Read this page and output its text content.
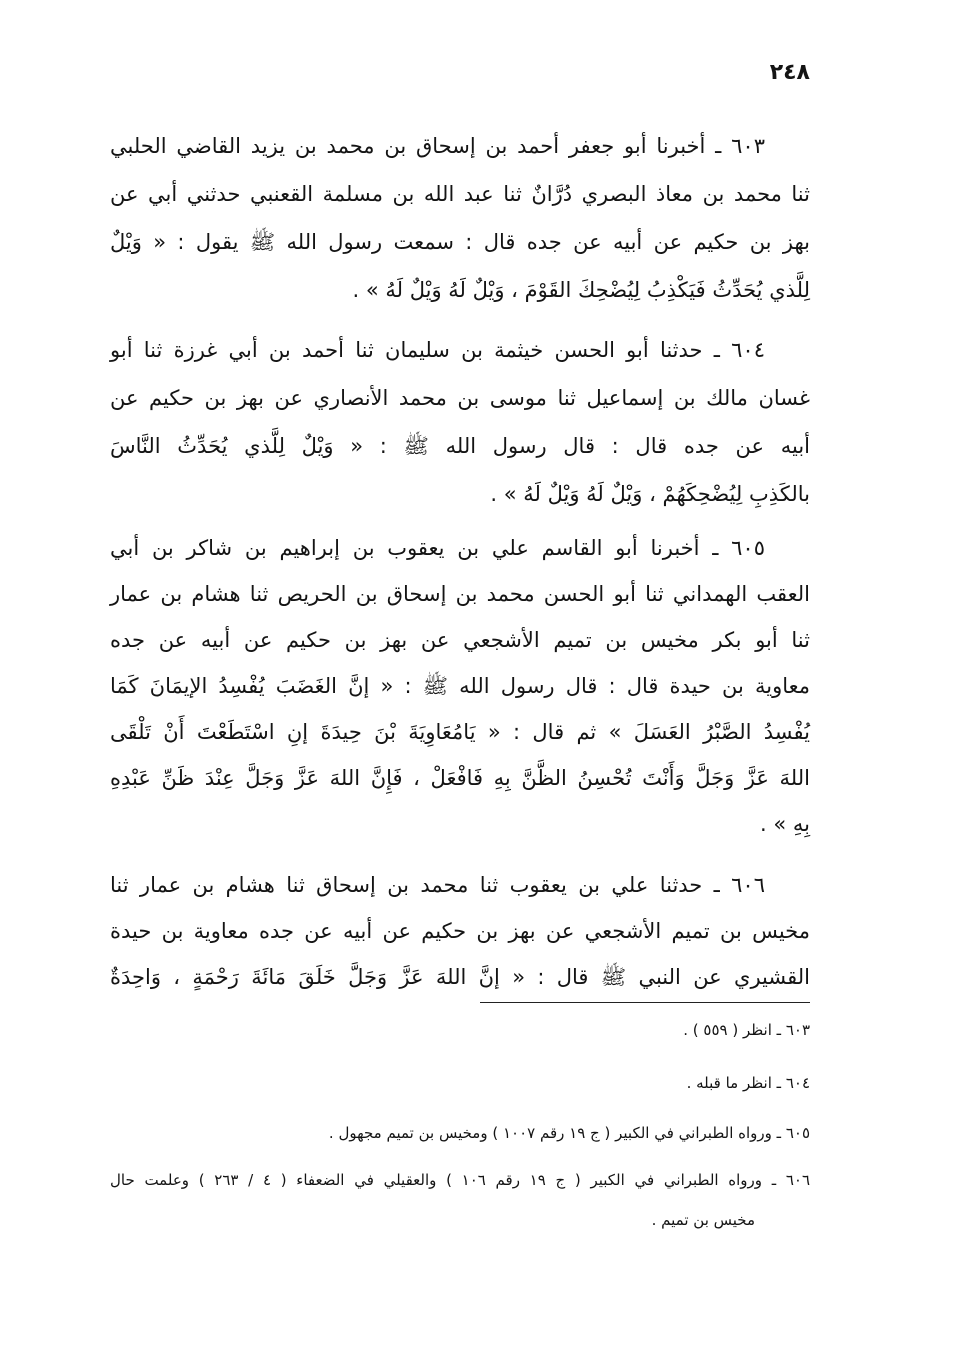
٢٤٨
٦٠٣ ـ أخبرنا أبو جعفر أحمد بن إسحاق بن محمد بن يزيد القاضي الحلبي
ثنا محمد بن معاذ البصري دُرَّانٌ ثنا عبد الله بن مسلمة القعنبي حدثني أبي عن
بهز بن حكيم عن أبيه عن جده قال : سمعت رسول الله ﷺ يقول : « وَيْلٌ
لِلَّذي يُحَدِّثُ فَيَكْذِبُ لِيُضْحِكَ القَوْمَ ، وَيْلٌ لَهُ وَيْلٌ لَهُ » .
٦٠٤ ـ حدثنا أبو الحسن خيثمة بن سليمان ثنا أحمد بن أبي غرزة ثنا أبو
غسان مالك بن إسماعيل ثنا موسى بن محمد الأنصاري عن بهز بن حكيم عن
أبيه عن جده قال : قال رسول الله ﷺ : « وَيْلٌ لِلَّذي يُحَدِّثُ النَّاسَ
بالكَذِبِ لِيُضْحِكَهُمْ ، وَيْلٌ لَهُ وَيْلٌ لَهُ » .
٦٠٥ ـ أخبرنا أبو القاسم علي بن يعقوب بن إبراهيم بن شاكر بن أبي
العقب الهمداني ثنا أبو الحسن محمد بن إسحاق بن الحريص ثنا هشام بن عمار
ثنا أبو بكر مخيس بن تميم الأشجعي عن بهز بن حكيم عن أبيه عن جده
معاوية بن حيدة قال : قال رسول الله ﷺ : « إنَّ الغَضَبَ يُفْسِدُ الإيمَانَ كَمَا
يُفْسِدُ الصَّبْرُ العَسَلَ » ثم قال : « يَامُعَاوِيَةَ بْنَ حِيدَةَ إنِ اسْتَطَعْتَ أَنْ تَلْقَى
اللهَ عَزَّ وَجَلَّ وَأَنْتَ تُحْسِنُ الظَّنَّ بِهِ فَافْعَلْ ، فَإِنَّ اللهَ عَزَّ وَجَلَّ عِنْدَ ظَنِّ عَبْدِهِ
بِهِ » .
٦٠٦ ـ حدثنا علي بن يعقوب ثنا محمد بن إسحاق ثنا هشام بن عمار ثنا
مخيس بن تميم الأشجعي عن بهز بن حكيم عن أبيه عن جده معاوية بن حيدة
القشيري عن النبي ﷺ قال : « إنَّ اللهَ عَزَّ وَجَلَّ خَلَقَ مَائَةَ رَحْمَةٍ ، وَاحِدَةٌ
٦٠٣ ـ انظر ( ٥٥٩ ) .
٦٠٤ ـ انظر ما قبله .
٦٠٥ ـ ورواه الطبراني في الكبير ( ج ١٩ رقم ١٠٠٧ ) ومخيس بن تميم مجهول .
٦٠٦ ـ ورواه الطبراني في الكبير ( ج ١٩ رقم ١٠٦ ) والعقيلي في الضعفاء ( ٤ / ٢٦٣ ) وعلمت حال
مخيس بن تميم .
